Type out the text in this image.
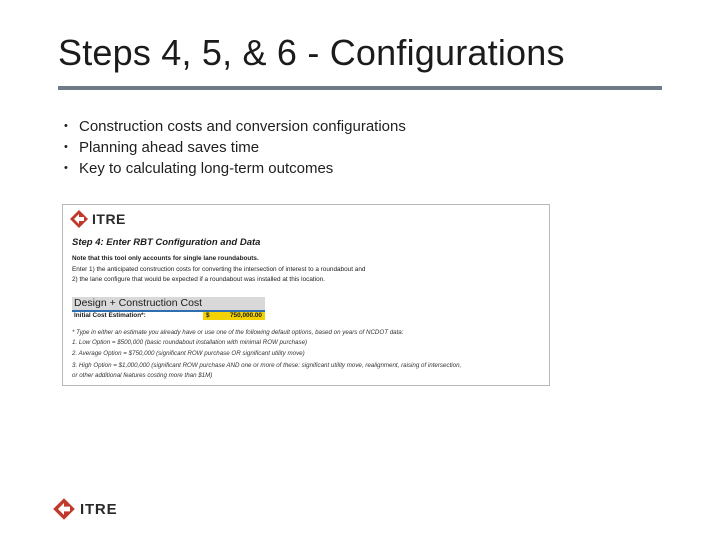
Steps 4, 5, & 6 - Configurations
• Construction costs and conversion configurations
• Planning ahead saves time
• Key to calculating long-term outcomes
ITRE
Step 4: Enter RBT Configuration and Data
Note that this tool only accounts for single lane roundabouts.
Enter 1) the anticipated construction costs for converting the intersection of interest to a roundabout and
2) the lane configure that would be expected if a roundabout was installed at this location.
Design + Construction Cost
Initial Cost Estimation*:	$	750,000.00
* Type in either an estimate you already have or use one of the following default options, based on years of NCDOT data:
1. Low Option = $500,000 (basic roundabout installation with minimal ROW purchase)
2. Average Option = $750,000 (significant ROW purchase OR significant utility move)
3. High Option = $1,000,000 (significant ROW purchase AND one or more of these: significant utility move, realignment, raising of intersection,
or other additional features costing more than $1M)
ITRE
